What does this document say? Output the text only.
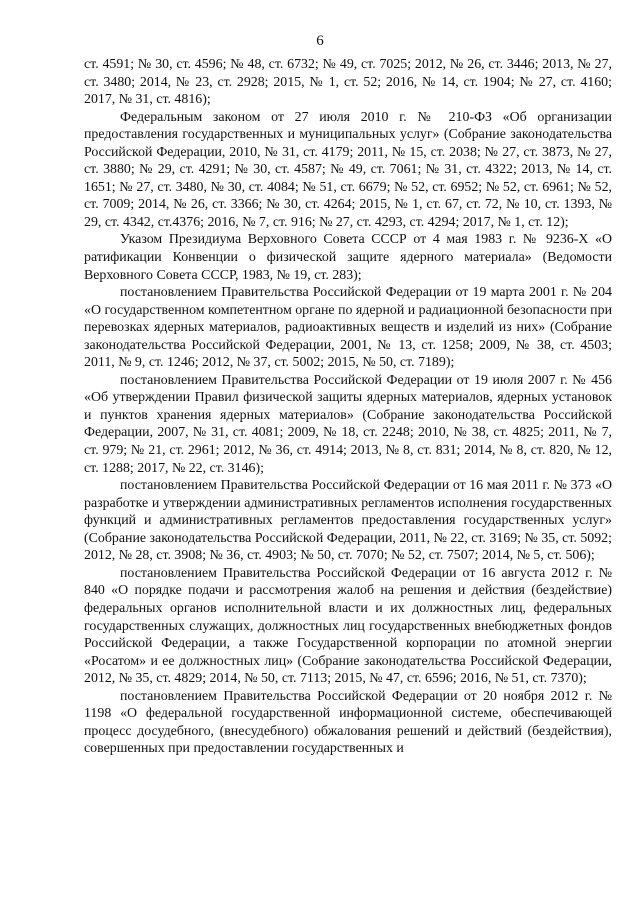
6

ст. 4591; № 30, ст. 4596; № 48, ст. 6732; № 49, ст. 7025; 2012, № 26, ст. 3446; 2013, № 27, ст. 3480; 2014, № 23, ст. 2928; 2015, № 1, ст. 52; 2016, № 14, ст. 1904; № 27, ст. 4160; 2017, № 31, ст. 4816);

Федеральным законом от 27 июля 2010 г. № 210-ФЗ «Об организации предоставления государственных и муниципальных услуг» (Собрание законодательства Российской Федерации, 2010, № 31, ст. 4179; 2011, № 15, ст. 2038; № 27, ст. 3873, № 27, ст. 3880; № 29, ст. 4291; № 30, ст. 4587; № 49, ст. 7061; № 31, ст. 4322; 2013, № 14, ст. 1651; № 27, ст. 3480, № 30, ст. 4084; № 51, ст. 6679; № 52, ст. 6952; № 52, ст. 6961; № 52, ст. 7009; 2014, № 26, ст. 3366; № 30, ст. 4264; 2015, № 1, ст. 67, ст. 72, № 10, ст. 1393, № 29, ст. 4342, ст.4376; 2016, № 7, ст. 916; № 27, ст. 4293, ст. 4294; 2017, № 1, ст. 12);

Указом Президиума Верховного Совета СССР от 4 мая 1983 г. № 9236-X «О ратификации Конвенции о физической защите ядерного материала» (Ведомости Верховного Совета СССР, 1983, № 19, ст. 283);

постановлением Правительства Российской Федерации от 19 марта 2001 г. № 204 «О государственном компетентном органе по ядерной и радиационной безопасности при перевозках ядерных материалов, радиоактивных веществ и изделий из них» (Собрание законодательства Российской Федерации, 2001, № 13, ст. 1258; 2009, № 38, ст. 4503; 2011, № 9, ст. 1246; 2012, № 37, ст. 5002; 2015, № 50, ст. 7189);

постановлением Правительства Российской Федерации от 19 июля 2007 г. № 456 «Об утверждении Правил физической защиты ядерных материалов, ядерных установок и пунктов хранения ядерных материалов» (Собрание законодательства Российской Федерации, 2007, № 31, ст. 4081; 2009, № 18, ст. 2248; 2010, № 38, ст. 4825; 2011, № 7, ст. 979; № 21, ст. 2961; 2012, № 36, ст. 4914; 2013, № 8, ст. 831; 2014, № 8, ст. 820, № 12, ст. 1288; 2017, № 22, ст. 3146);

постановлением Правительства Российской Федерации от 16 мая 2011 г. № 373 «О разработке и утверждении административных регламентов исполнения государственных функций и административных регламентов предоставления государственных услуг» (Собрание законодательства Российской Федерации, 2011, № 22, ст. 3169; № 35, ст. 5092; 2012, № 28, ст. 3908; № 36, ст. 4903; № 50, ст. 7070; № 52, ст. 7507; 2014, № 5, ст. 506);

постановлением Правительства Российской Федерации от 16 августа 2012 г. № 840 «О порядке подачи и рассмотрения жалоб на решения и действия (бездействие) федеральных органов исполнительной власти и их должностных лиц, федеральных государственных служащих, должностных лиц государственных внебюджетных фондов Российской Федерации, а также Государственной корпорации по атомной энергии «Росатом» и ее должностных лиц» (Собрание законодательства Российской Федерации, 2012, № 35, ст. 4829; 2014, № 50, ст. 7113; 2015, № 47, ст. 6596; 2016, № 51, ст. 7370);

постановлением Правительства Российской Федерации от 20 ноября 2012 г. № 1198 «О федеральной государственной информационной системе, обеспечивающей процесс досудебного, (внесудебного) обжалования решений и действий (бездействия), совершенных при предоставлении государственных и
